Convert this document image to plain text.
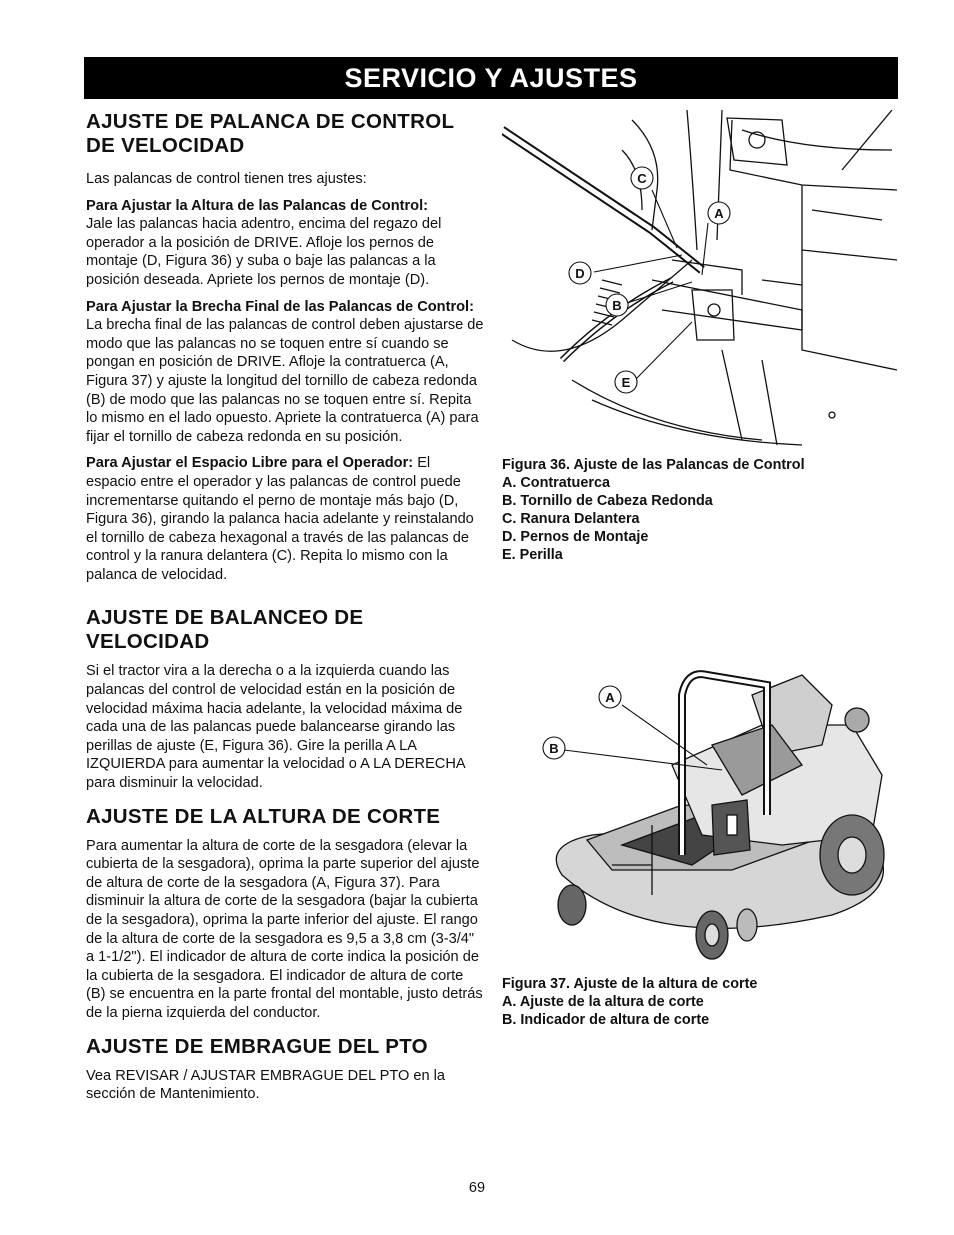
SERVICIO Y AJUSTES
AJUSTE DE PALANCA DE CONTROL
DE VELOCIDAD

Las palancas de control tienen tres ajustes:

Para Ajustar la Altura de las Palancas de Control:
Jale las palancas hacia adentro, encima del regazo del operador a la posición de DRIVE. Afloje los pernos de montaje (D, Figura 36) y suba o baje las palancas a la posición deseada. Apriete los pernos de montaje (D).

Para Ajustar la Brecha Final de las Palancas de Control: La brecha final de las palancas de control deben ajustarse de modo que las palancas no se toquen entre sí cuando se pongan en posición de DRIVE. Afloje la contratuerca (A, Figura 37) y ajuste la longitud del tornillo de cabeza redonda (B) de modo que las palancas no se toquen entre sí. Repita lo mismo en el lado opuesto. Apriete la contratuerca (A) para fijar el tornillo de cabeza redonda en su posición.

Para Ajustar el Espacio Libre para el Operador: El espacio entre el operador y las palancas de control puede incrementarse quitando el perno de montaje más bajo (D, Figura 36), girando la palanca hacia adelante y reinstalando el tornillo de cabeza hexagonal a través de las palancas de control y la ranura delantera (C). Repita lo mismo con la palanca de velocidad.

AJUSTE DE BALANCEO DE VELOCIDAD

Si el tractor vira a la derecha o a la izquierda cuando las palancas del control de velocidad están en la posición de velocidad máxima hacia adelante, la velocidad máxima de cada una de las palancas puede balancearse girando las perillas de ajuste (E, Figura 36). Gire la perilla A LA IZQUIERDA para aumentar la velocidad o A LA DERECHA para disminuir la velocidad.

AJUSTE DE LA ALTURA DE CORTE

Para aumentar la altura de corte de la sesgadora (elevar la cubierta de la sesgadora), oprima la parte superior del ajuste de altura de corte de la sesgadora (A, Figura 37). Para disminuir la altura de corte de la sesgadora (bajar la cubierta de la sesgadora), oprima la parte inferior del ajuste. El rango de la altura de corte de la sesgadora es 9,5 a 3,8 cm (3-3/4" a 1-1/2"). El indicador de altura de corte indica la posición de la cubierta de la sesgadora. El indicador de altura de corte (B) se encuentra en la parte frontal del montable, justo detrás de la pierna izquierda del conductor.

AJUSTE DE EMBRAGUE DEL PTO

Vea REVISAR / AJUSTAR EMBRAGUE DEL PTO en la sección de Mantenimiento.

C
A
D
B
E
Figura 36. Ajuste de las Palancas de Control
A. Contratuerca
B. Tornillo de Cabeza Redonda
C. Ranura Delantera
D. Pernos de Montaje
E. Perilla
A
B
Figura 37. Ajuste de la altura de corte
A. Ajuste de la altura de corte
B. Indicador de altura de corte
69
